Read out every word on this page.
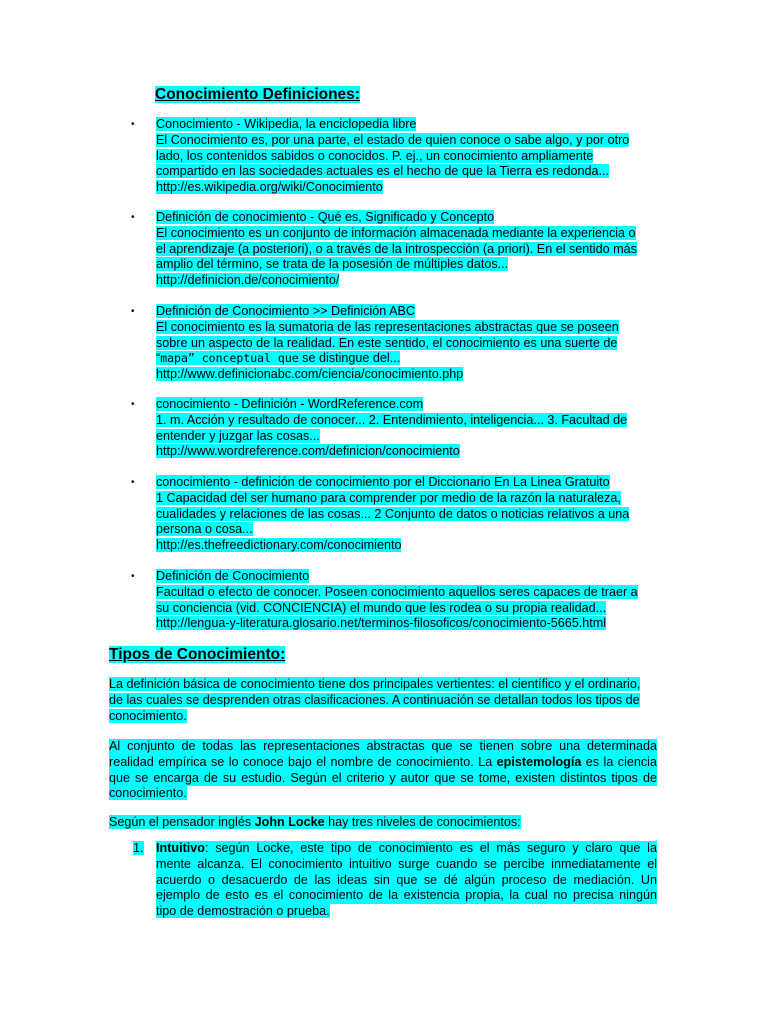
Conocimiento Definiciones:
• Conocimiento - Wikipedia, la enciclopedia libre
El Conocimiento es, por una parte, el estado de quien conoce o sabe algo, y por otro
lado, los contenidos sabidos o conocidos. P. ej., un conocimiento ampliamente
compartido en las sociedades actuales es el hecho de que la Tierra es redonda...
http://es.wikipedia.org/wiki/Conocimiento
• Definición de conocimiento - Qué es, Significado y Concepto
El conocimiento es un conjunto de información almacenada mediante la experiencia o
el aprendizaje (a posteriori), o a través de la introspección (a priori). En el sentido más
amplio del término, se trata de la posesión de múltiples datos...
http://definicion.de/conocimiento/
• Definición de Conocimiento >> Definición ABC
El conocimiento es la sumatoria de las representaciones abstractas que se poseen
sobre un aspecto de la realidad. En este sentido, el conocimiento es una suerte de
“mapa” conceptual que se distingue del...
http://www.definicionabc.com/ciencia/conocimiento.php
• conocimiento - Definición - WordReference.com
1. m. Acción y resultado de conocer... 2. Entendimiento, inteligencia... 3. Facultad de
entender y juzgar las cosas...
http://www.wordreference.com/definicion/conocimiento
• conocimiento - definición de conocimiento por el Diccionario En La Linea Gratuito
1 Capacidad del ser humano para comprender por medio de la razón la naturaleza,
cualidades y relaciones de las cosas... 2 Conjunto de datos o noticias relativos a una
persona o cosa...
http://es.thefreedictionary.com/conocimiento
• Definición de Conocimiento
Facultad o efecto de conocer. Poseen conocimiento aquellos seres capaces de traer a
su conciencia (vid. CONCIENCIA) el mundo que les rodea o su propia realidad...
http://lengua-y-literatura.glosario.net/terminos-filosoficos/conocimiento-5665.html
Tipos de Conocimiento:
La definición básica de conocimiento tiene dos principales vertientes: el científico y el ordinario,
de las cuales se desprenden otras clasificaciones. A continuación se detallan todos los tipos de
conocimiento.
Al conjunto de todas las representaciones abstractas que se tienen sobre una determinada
realidad empírica se lo conoce bajo el nombre de conocimiento. La epistemología es la ciencia
que se encarga de su estudio. Según el criterio y autor que se tome, existen distintos tipos de
conocimiento.
Según el pensador inglés John Locke hay tres niveles de conocimientos:
1. Intuitivo: según Locke, este tipo de conocimiento es el más seguro y claro que la
mente alcanza. El conocimiento intuitivo surge cuando se percibe inmediatamente el
acuerdo o desacuerdo de las ideas sin que se dé algún proceso de mediación. Un
ejemplo de esto es el conocimiento de la existencia propia, la cual no precisa ningún
tipo de demostración o prueba.
